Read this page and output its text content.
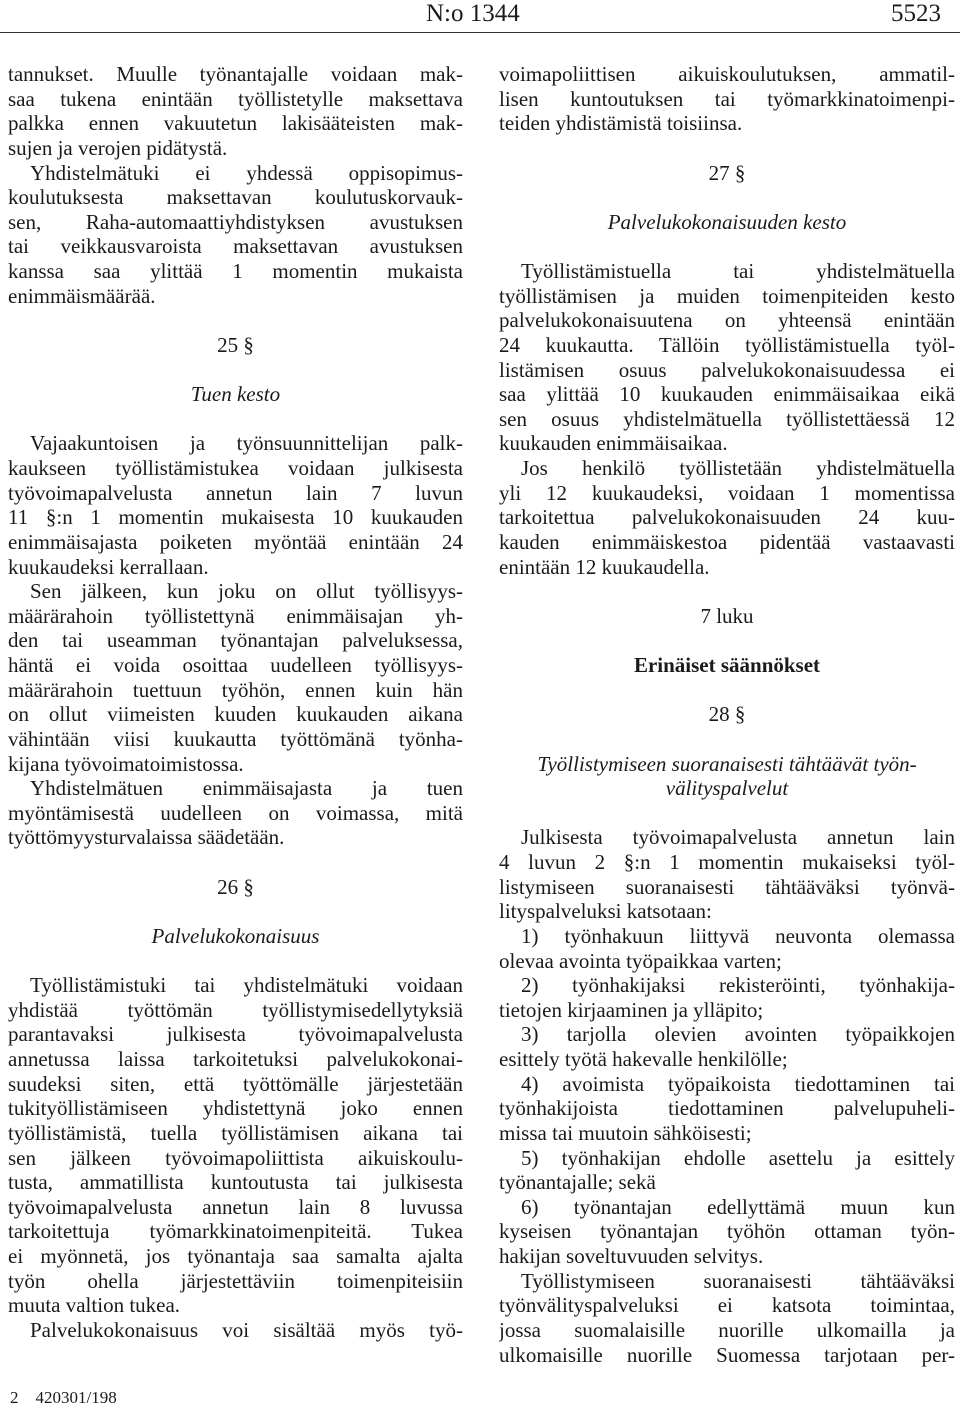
N:o 1344	5523
tannukset. Muulle työnantajalle voidaan mak-
saa tukena enintään työllistetylle maksettava
palkka ennen vakuutetun lakisääteisten mak-
sujen ja verojen pidätystä.
Yhdistelmätuki ei yhdessä oppisopimus-
koulutuksesta maksettavan koulutuskorvauk-
sen, Raha-automaattiyhdistyksen avustuksen
tai veikkausvaroista maksettavan avustuksen
kanssa saa ylittää 1 momentin mukaista
enimmäismäärää.
25 §
Tuen kesto
Vajaakuntoisen ja työnsuunnittelijan palk-
kaukseen työllistämistukea voidaan julkisesta
työvoimapalvelusta annetun lain 7 luvun
11 §:n 1 momentin mukaisesta 10 kuukauden
enimmäisajasta poiketen myöntää enintään 24
kuukaudeksi kerrallaan.
Sen jälkeen, kun joku on ollut työllisyys-
määrärahoin työllistettynä enimmäisajan yh-
den tai useamman työnantajan palveluksessa,
häntä ei voida osoittaa uudelleen työllisyys-
määrärahoin tuettuun työhön, ennen kuin hän
on ollut viimeisten kuuden kuukauden aikana
vähintään viisi kuukautta työttömänä työnha-
kijana työvoimatoimistossa.
Yhdistelmätuen enimmäisajasta ja tuen
myöntämisestä uudelleen on voimassa, mitä
työttömyysturvalaissa säädetään.
26 §
Palvelukokonaisuus
Työllistämistuki tai yhdistelmätuki voidaan
yhdistää työttömän työllistymisedellytyksiä
parantavaksi julkisesta työvoimapalvelusta
annetussa laissa tarkoitetuksi palvelukokonai-
suudeksi siten, että työttömälle järjestetään
tukityöllistämiseen yhdistettynä joko ennen
työllistämistä, tuella työllistämisen aikana tai
sen jälkeen työvoimapoliittista aikuiskoulu-
tusta, ammatillista kuntoutusta tai julkisesta
työvoimapalvelusta annetun lain 8 luvussa
tarkoitettuja työmarkkinatoimenpiteitä. Tukea
ei myönnetä, jos työnantaja saa samalta ajalta
työn ohella järjestettäviin toimenpiteisiin
muuta valtion tukea.
Palvelukokonaisuus voi sisältää myös työ-
voimapoliittisen aikuiskoulutuksen, ammatil-
lisen kuntoutuksen tai työmarkkinatoimenpi-
teiden yhdistämistä toisiinsa.
27 §
Palvelukokonaisuuden kesto
Työllistämistuella tai yhdistelmätuella
työllistämisen ja muiden toimenpiteiden kesto
palvelukokonaisuutena on yhteensä enintään
24 kuukautta. Tällöin työllistämistuella työl-
listämisen osuus palvelukokonaisuudessa ei
saa ylittää 10 kuukauden enimmäisaikaa eikä
sen osuus yhdistelmätuella työllistettäessä 12
kuukauden enimmäisaikaa.
Jos henkilö työllistetään yhdistelmätuella
yli 12 kuukaudeksi, voidaan 1 momentissa
tarkoitettua palvelukokonaisuuden 24 kuu-
kauden enimmäiskestoa pidentää vastaavasti
enintään 12 kuukaudella.
7 luku
Erinäiset säännökset
28 §
Työllistymiseen suoranaisesti tähtäävät työn-
välityspalvelut
Julkisesta työvoimapalvelusta annetun lain
4 luvun 2 §:n 1 momentin mukaiseksi työl-
listymiseen suoranaisesti tähtääväksi työnvä-
lityspalveluksi katsotaan:
1) työnhakuun liittyvä neuvonta olemassa
olevaa avointa työpaikkaa varten;
2) työnhakijaksi rekisteröinti, työnhakija-
tietojen kirjaaminen ja ylläpito;
3) tarjolla olevien avointen työpaikkojen
esittely työtä hakevalle henkilölle;
4) avoimista työpaikoista tiedottaminen tai
työnhakijoista tiedottaminen palvelupuheli-
missa tai muutoin sähköisesti;
5) työnhakijan ehdolle asettelu ja esittely
työnantajalle; sekä
6) työnantajan edellyttämä muun kun
kyseisen työnantajan työhön ottaman työn-
hakijan soveltuvuuden selvitys.
Työllistymiseen suoranaisesti tähtääväksi
työnvälityspalveluksi ei katsota toimintaa,
jossa suomalaisille nuorille ulkomailla ja
ulkomaisille nuorille Suomessa tarjotaan per-
2    420301/198
